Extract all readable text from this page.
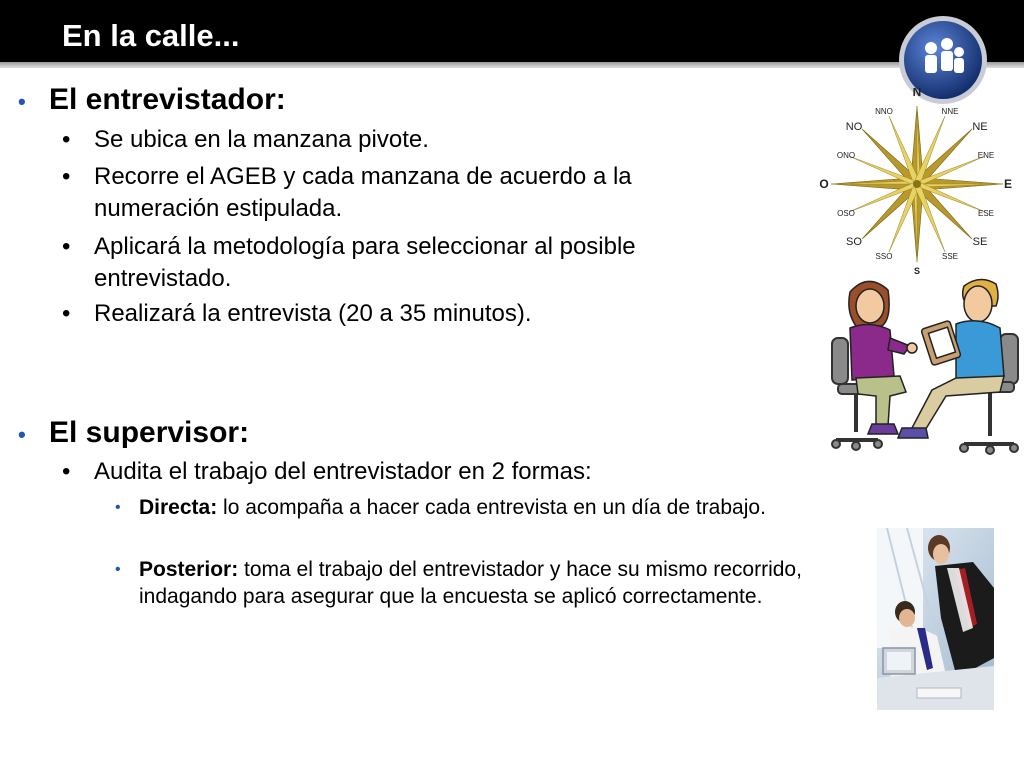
En la calle...
• El entrevistador:
• Se ubica en la manzana pivote.
• Recorre el AGEB y cada manzana de acuerdo a la numeración estipulada.
• Aplicará la metodología para seleccionar al posible entrevistado.
• Realizará la entrevista (20 a 35 minutos).
• El supervisor:
• Audita el trabajo del entrevistador en 2 formas:
• Directa: lo acompaña a hacer cada entrevista en un día de trabajo.
• Posterior: toma el trabajo del entrevistador y hace su mismo recorrido, indagando para asegurar que la encuesta se aplicó correctamente.
N
NNO	NNE
NO	NE
ONO	ENE
O	E
OSO	ESE
SO	SE
SSO	SSE
S
